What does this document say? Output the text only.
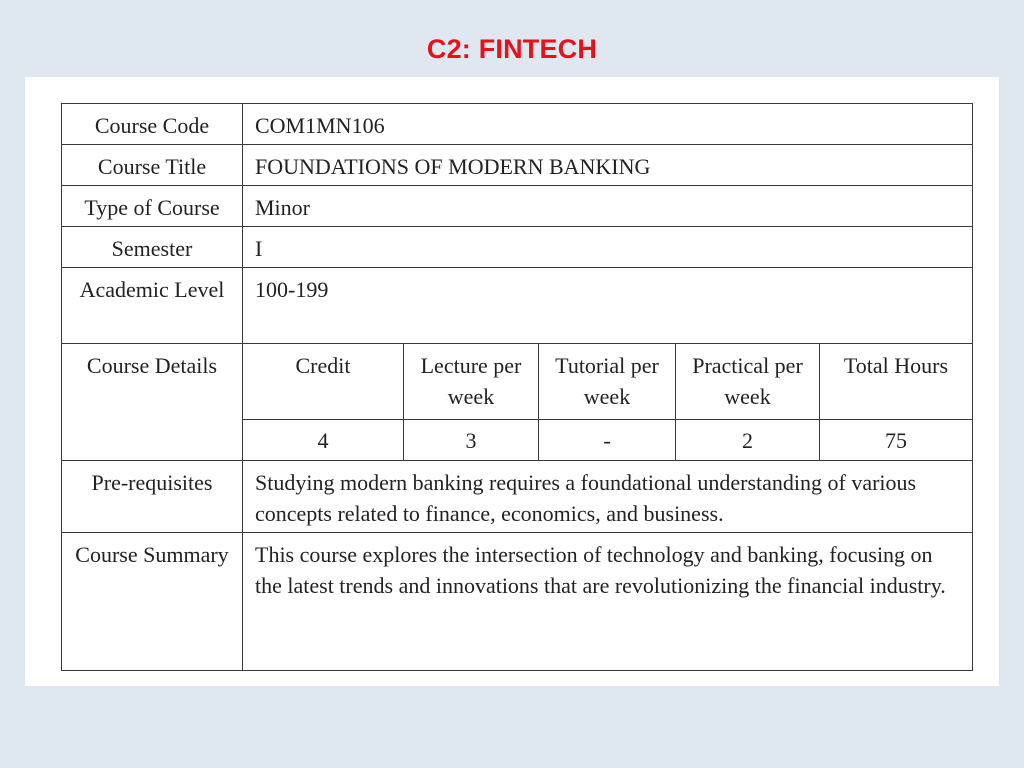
C2: FINTECH
Course Code	COM1MN106				
Course Title	FOUNDATIONS OF MODERN BANKING				
Type of Course	Minor				
Semester	I				
Academic Level	100-199				
Course Details	Credit	Lecture per week	Tutorial per week	Practical per week	Total Hours
	4	3	-	2	75
Pre-requisites	Studying modern banking requires a foundational understanding of various concepts related to finance, economics, and business.				
Course Summary	This course explores the intersection of technology and banking, focusing on the latest trends and innovations that are revolutionizing the financial industry.				
